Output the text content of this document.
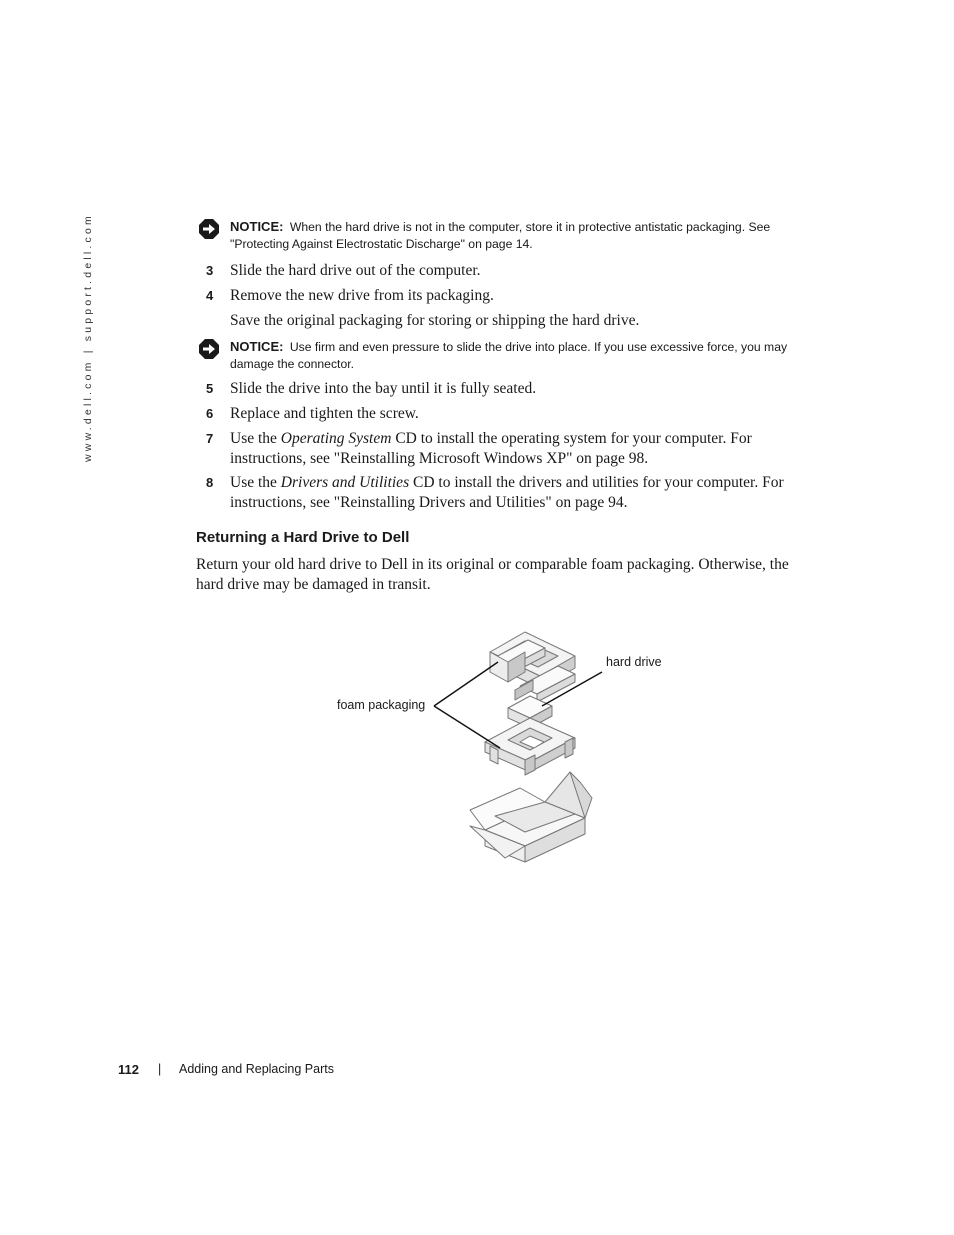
www.dell.com | support.dell.com	NOTICE: When the hard drive is not in the computer, store it in protective antistatic packaging. See "Protecting Against Electrostatic Discharge" on page 14.
3 Slide the hard drive out of the computer.
4 Remove the new drive from its packaging.
Save the original packaging for storing or shipping the hard drive.
NOTICE: Use firm and even pressure to slide the drive into place. If you use excessive force, you may damage the connector.
5 Slide the drive into the bay until it is fully seated.
6 Replace and tighten the screw.
7 Use the Operating System CD to install the operating system for your computer. For instructions, see "Reinstalling Microsoft Windows XP" on page 98.
8 Use the Drivers and Utilities CD to install the drivers and utilities for your computer. For instructions, see "Reinstalling Drivers and Utilities" on page 94.
Returning a Hard Drive to Dell
Return your old hard drive to Dell in its original or comparable foam packaging. Otherwise, the hard drive may be damaged in transit.
hard drive
foam packaging
112 | Adding and Replacing Parts
